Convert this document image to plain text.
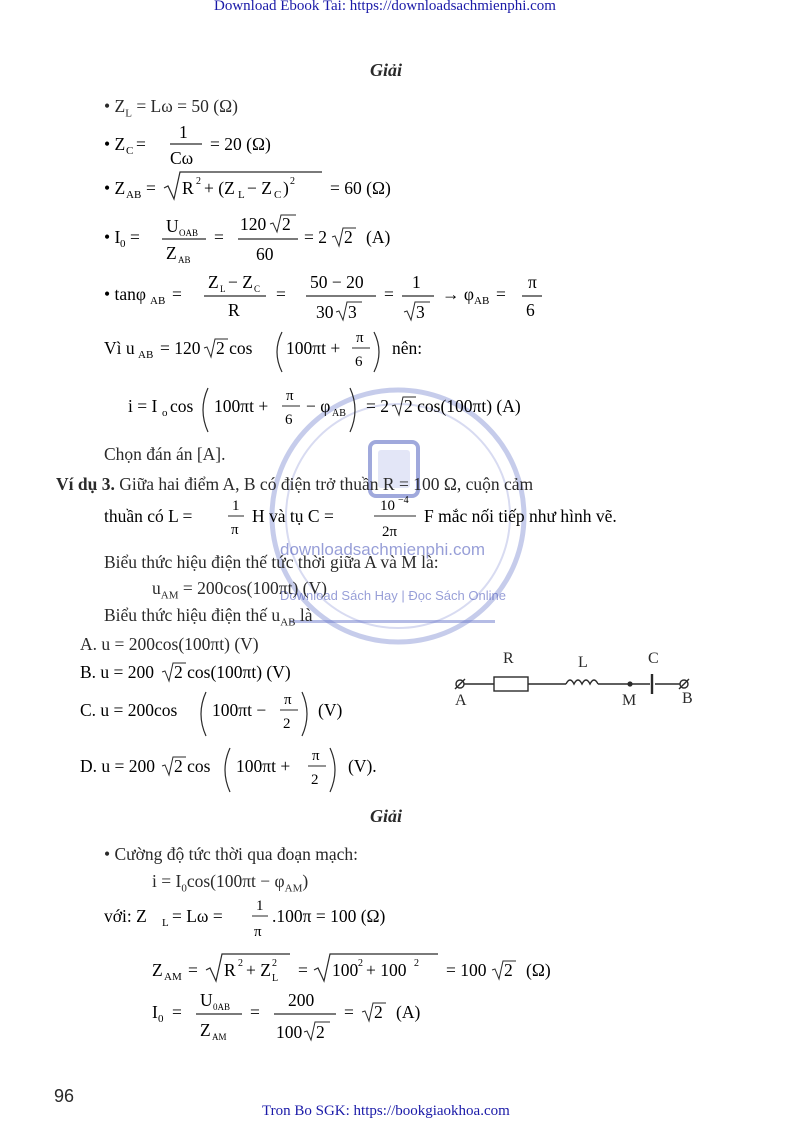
Download Ebook Tai: https://downloadsachmienphi.com
downloadsachmienphi.com
Download Sách Hay | Đọc Sách Online
Giải
• $Z_L = L\omega = 50$ (Ω)
• Z C =
1
Cω
= 20 (Ω)
• Z AB = R 2 + (Z L − Z C ) 2 = 60 (Ω)
• I 0 =
U OAB
Z AB
=
120 2
60
= 2 2 (A)
• tanφ AB =
Z L − Z C
R
=
50 − 20
30 3
=
1
3
→ φ AB =
π
6
Vì u AB = 120 2 cos 100πt + π
6
nên:
i = I o cos 100πt + π
6
− φ AB = 2 2 cos(100πt) (A)
Chọn đán án [A].
Ví dụ 3. Giữa hai điểm A, B có điện trở thuần R = 100 Ω, cuộn cảm
thuần có L =	1
π
H và tụ C =	10 −4
2π
F mắc nối tiếp như hình vẽ.
Biểu thức hiệu điện thế tức thời giữa A và M là:
$u_{AM} = 200\cos(100\pi t)$ (V)
Biểu thức hiệu điện thế $u_{AB}$ là
A. u = 200cos(100πt) (V)
B. u = 200 2 cos(100πt) (V)
C. u = 200cos 100πt − π
2
(V)
D. u = 200 2 cos 100πt + π
2
(V).
R	L	C
A	M	B
Giải
• Cường độ tức thời qua đoạn mạch:
$i = I_0\cos(100\pi t - \varphi_{AM})$
với: Z L = Lω = 1
π
.100π = 100 (Ω)
Z AM = R 2 + Z 2
L = 100 2 + 100 2 = 100 2 (Ω)
I 0 =
U 0AB
Z AM
=
200
100 2
= 2 (A)
96
Tron Bo SGK: https://bookgiaokhoa.com
